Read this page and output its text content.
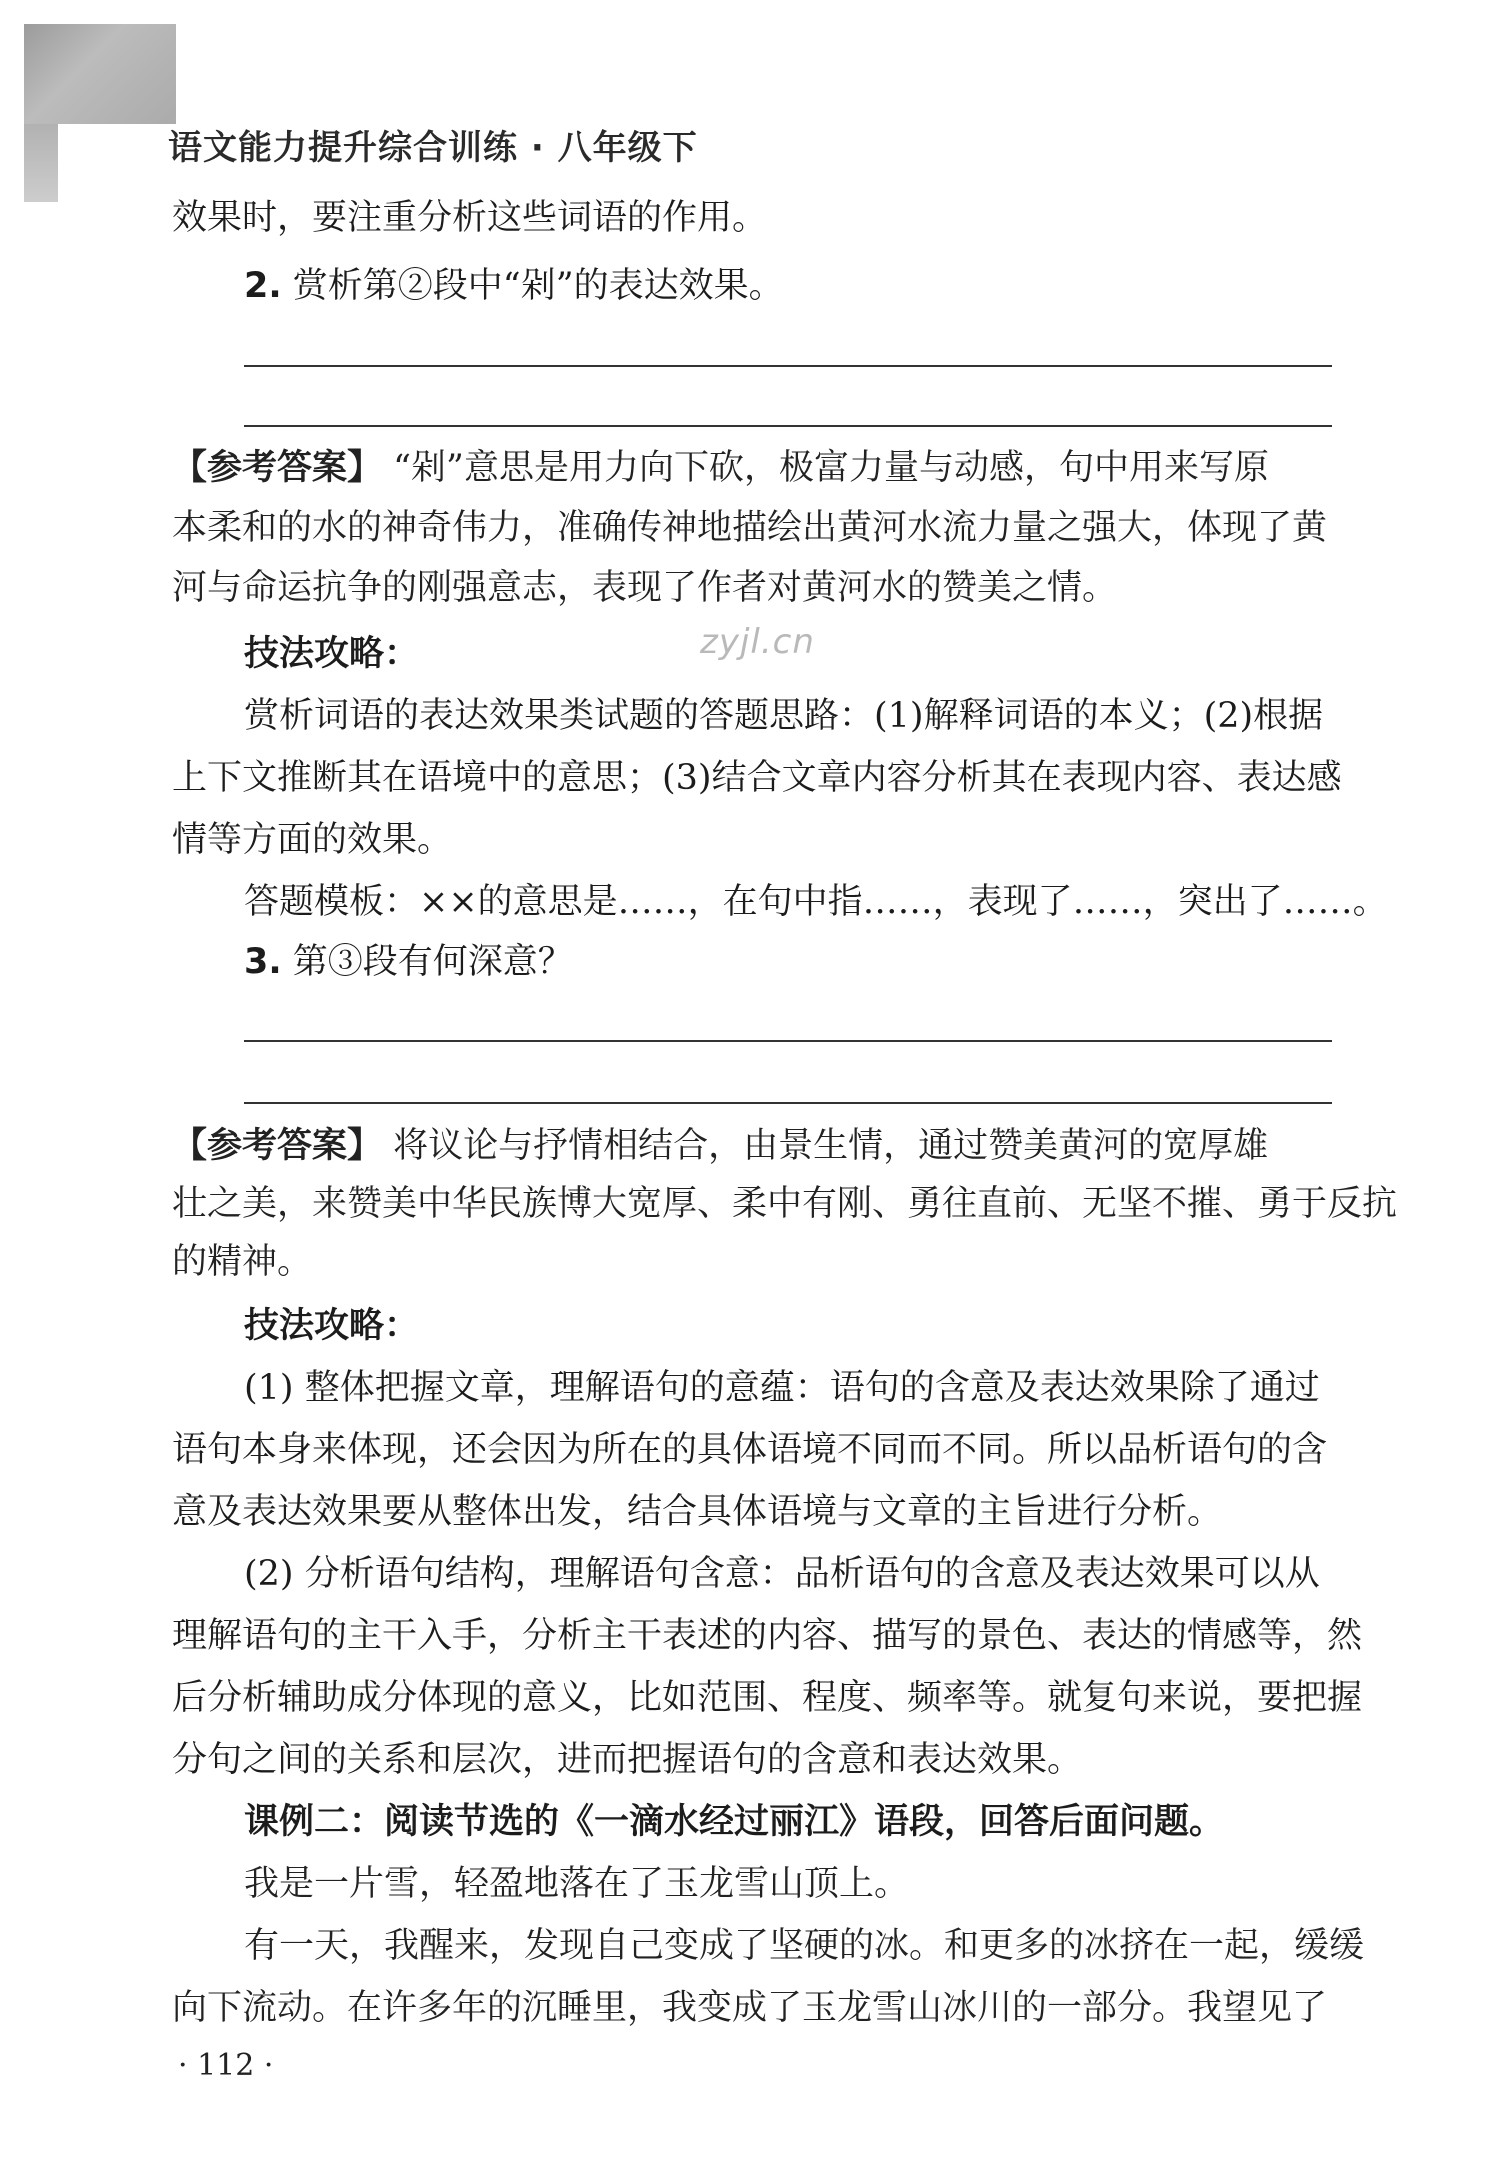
语文能力提升综合训练 · 八年级下
效果时，要注重分析这些词语的作用。
2. 赏析第②段中“剁”的表达效果。
【参考答案】 “剁”意思是用力向下砍，极富力量与动感，句中用来写原
本柔和的水的神奇伟力，准确传神地描绘出黄河水流力量之强大，体现了黄
河与命运抗争的刚强意志，表现了作者对黄河水的赞美之情。
zyjl.cn
技法攻略：
赏析词语的表达效果类试题的答题思路：(1)解释词语的本义；(2)根据
上下文推断其在语境中的意思；(3)结合文章内容分析其在表现内容、表达感
情等方面的效果。
答题模板：××的意思是……，在句中指……，表现了……，突出了……。
3. 第③段有何深意？
【参考答案】 将议论与抒情相结合，由景生情，通过赞美黄河的宽厚雄
壮之美，来赞美中华民族博大宽厚、柔中有刚、勇往直前、无坚不摧、勇于反抗
的精神。
技法攻略：
(1) 整体把握文章，理解语句的意蕴：语句的含意及表达效果除了通过
语句本身来体现，还会因为所在的具体语境不同而不同。所以品析语句的含
意及表达效果要从整体出发，结合具体语境与文章的主旨进行分析。
(2) 分析语句结构，理解语句含意：品析语句的含意及表达效果可以从
理解语句的主干入手，分析主干表述的内容、描写的景色、表达的情感等，然
后分析辅助成分体现的意义，比如范围、程度、频率等。就复句来说，要把握
分句之间的关系和层次，进而把握语句的含意和表达效果。
课例二：阅读节选的《一滴水经过丽江》语段，回答后面问题。
我是一片雪，轻盈地落在了玉龙雪山顶上。
有一天，我醒来，发现自己变成了坚硬的冰。和更多的冰挤在一起，缓缓
向下流动。在许多年的沉睡里，我变成了玉龙雪山冰川的一部分。我望见了
· 112 ·
